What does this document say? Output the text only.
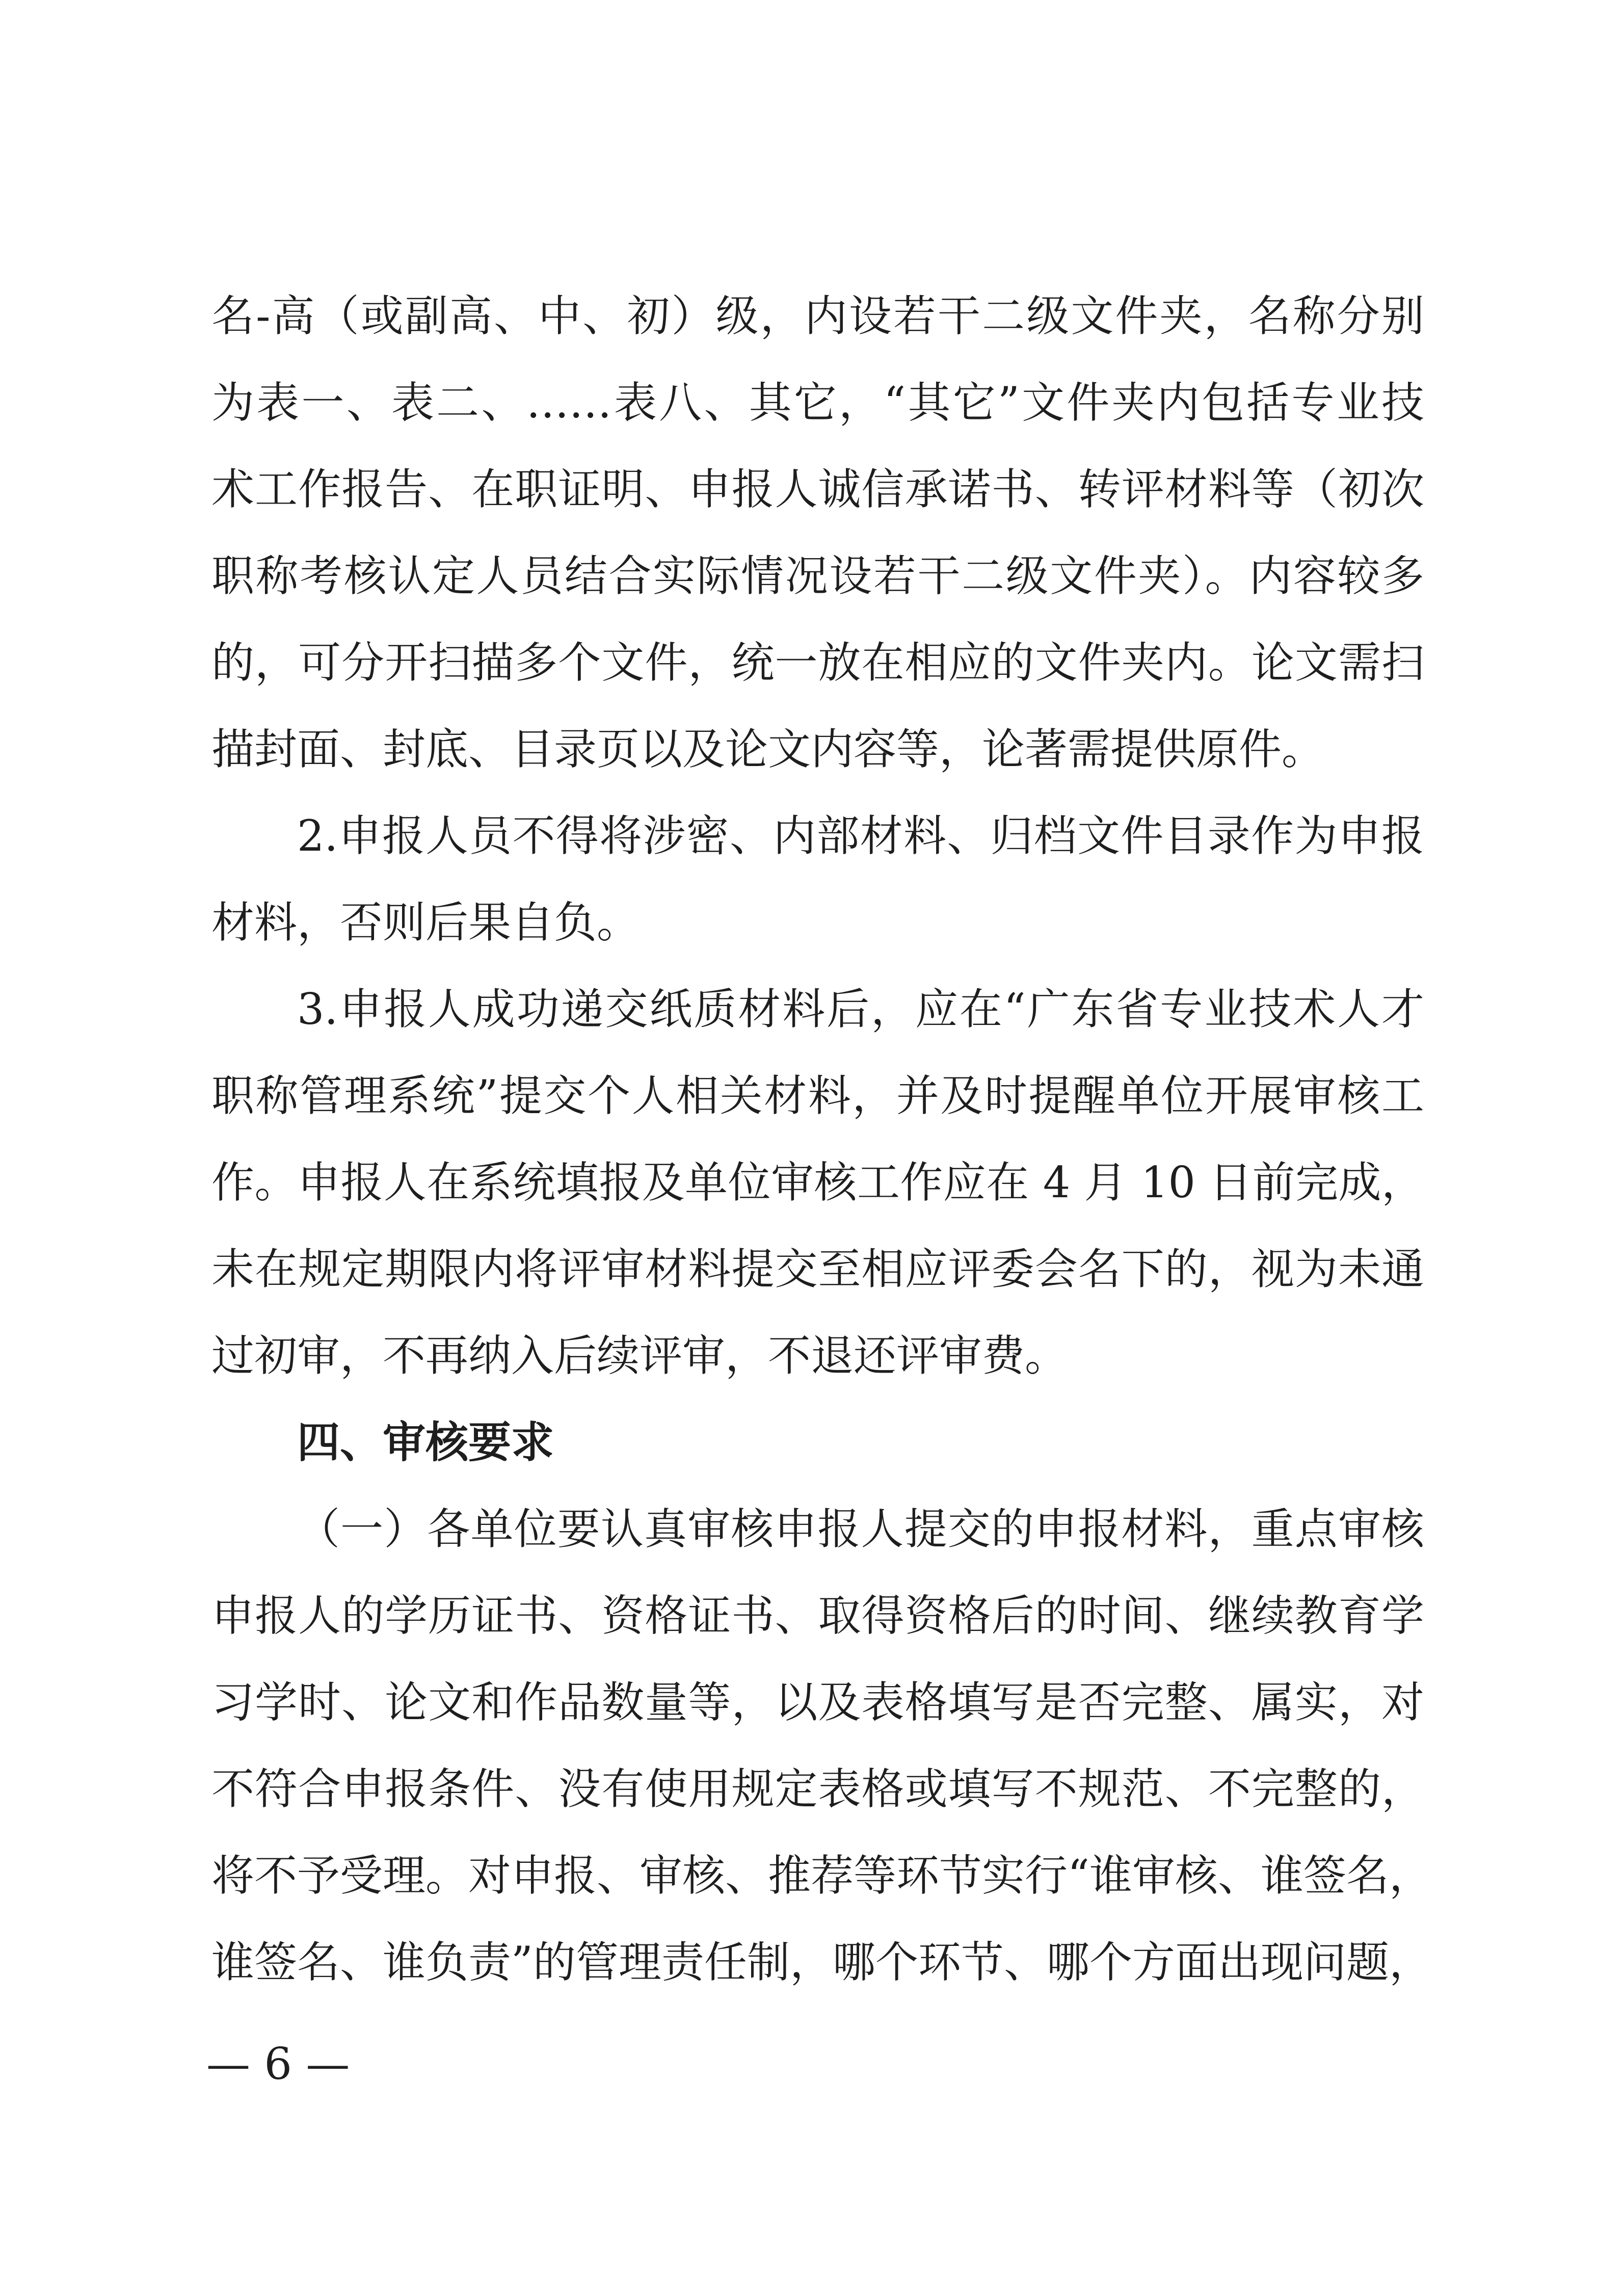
名-高（或副高、中、初）级，内设若干二级文件夹，名称分别
为表一、表二、……表八、其它，“其它”文件夹内包括专业技
术工作报告、在职证明、申报人诚信承诺书、转评材料等（初次
职称考核认定人员结合实际情况设若干二级文件夹）。内容较多
的，可分开扫描多个文件，统一放在相应的文件夹内。论文需扫
描封面、封底、目录页以及论文内容等，论著需提供原件。
2.申报人员不得将涉密、内部材料、归档文件目录作为申报
材料，否则后果自负。
3.申报人成功递交纸质材料后，应在“广东省专业技术人才
职称管理系统”提交个人相关材料，并及时提醒单位开展审核工
作。申报人在系统填报及单位审核工作应在 4 月 10 日前完成，
未在规定期限内将评审材料提交至相应评委会名下的，视为未通
过初审，不再纳入后续评审，不退还评审费。
四、审核要求
（一）各单位要认真审核申报人提交的申报材料，重点审核
申报人的学历证书、资格证书、取得资格后的时间、继续教育学
习学时、论文和作品数量等，以及表格填写是否完整、属实，对
不符合申报条件、没有使用规定表格或填写不规范、不完整的，
将不予受理。对申报、审核、推荐等环节实行“谁审核、谁签名，
谁签名、谁负责”的管理责任制，哪个环节、哪个方面出现问题，
— 6 —
